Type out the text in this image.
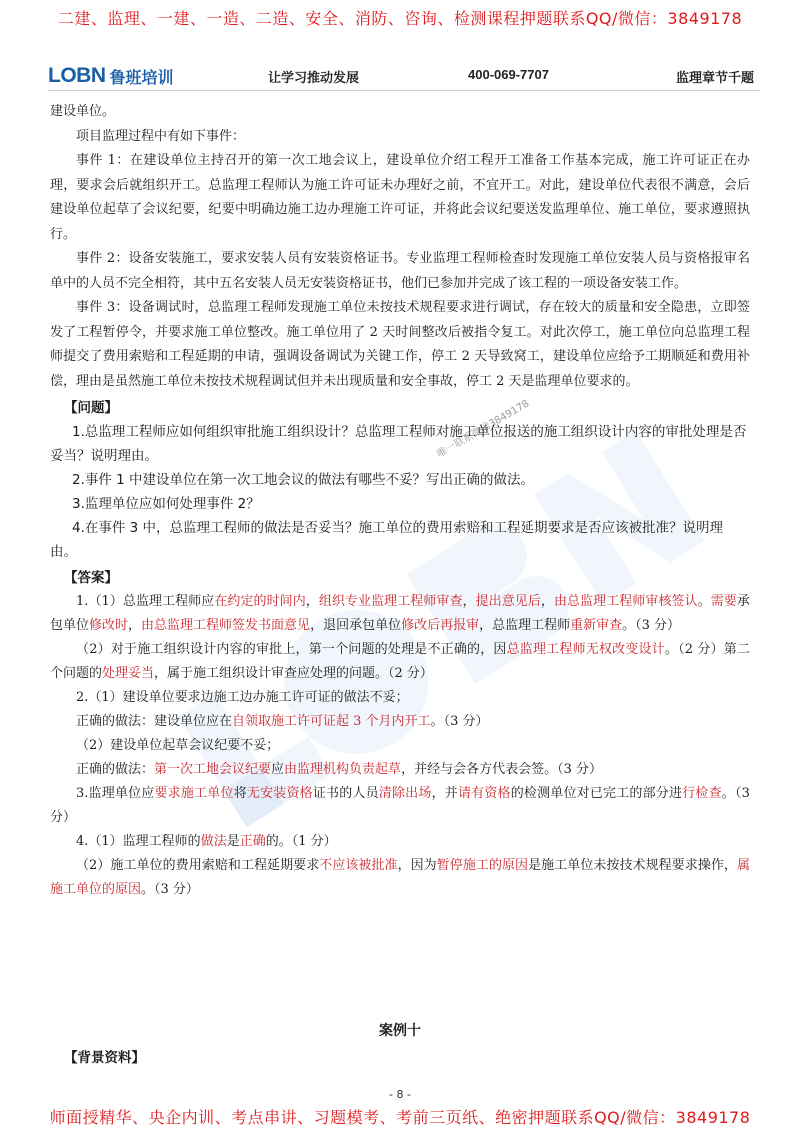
二建、监理、一建、一造、二造、安全、消防、咨询、检测课程押题联系QQ/微信：3849178
LOBN 鲁班培训	让学习推动发展	400-069-7707	监理章节千题
唯一联系微信3849178

建设单位。

项目监理过程中有如下事件：

事件 1：在建设单位主持召开的第一次工地会议上，建设单位介绍工程开工准备工作基本完成，施工许可证正在办理，要求会后就组织开工。总监理工程师认为施工许可证未办理好之前，不宜开工。对此，建设单位代表很不满意，会后建设单位起草了会议纪要，纪要中明确边施工边办理施工许可证，并将此会议纪要送发监理单位、施工单位，要求遵照执行。

事件 2：设备安装施工，要求安装人员有安装资格证书。专业监理工程师检查时发现施工单位安装人员与资格报审名单中的人员不完全相符，其中五名安装人员无安装资格证书，他们已参加并完成了该工程的一项设备安装工作。

事件 3：设备调试时，总监理工程师发现施工单位未按技术规程要求进行调试，存在较大的质量和安全隐患，立即签发了工程暂停令，并要求施工单位整改。施工单位用了 2 天时间整改后被指令复工。对此次停工，施工单位向总监理工程师提交了费用索赔和工程延期的申请，强调设备调试为关键工作，停工 2 天导致窝工，建设单位应给予工期顺延和费用补偿，理由是虽然施工单位未按技术规程调试但并未出现质量和安全事故，停工 2 天是监理单位要求的。

【问题】

1.总监理工程师应如何组织审批施工组织设计？总监理工程师对施工单位报送的施工组织设计内容的审批处理是否妥当？说明理由。

2.事件 1 中建设单位在第一次工地会议的做法有哪些不妥？写出正确的做法。

3.监理单位应如何处理事件 2？

4.在事件 3 中，总监理工程师的做法是否妥当？施工单位的费用索赔和工程延期要求是否应该被批准？说明理由。

【答案】

1.（1）总监理工程师应在约定的时间内，组织专业监理工程师审查，提出意见后，由总监理工程师审核签认。需要承包单位修改时，由总监理工程师签发书面意见，退回承包单位修改后再报审，总监理工程师重新审查。（3 分）

（2）对于施工组织设计内容的审批上，第一个问题的处理是不正确的，因总监理工程师无权改变设计。（2 分）第二个问题的处理妥当，属于施工组织设计审查应处理的问题。（2 分）

2.（1）建设单位要求边施工边办施工许可证的做法不妥；

正确的做法：建设单位应在自领取施工许可证起 3 个月内开工。（3 分）

（2）建设单位起草会议纪要不妥；

正确的做法：第一次工地会议纪要应由监理机构负责起草，并经与会各方代表会签。（3 分）

3.监理单位应要求施工单位将无安装资格证书的人员清除出场，并请有资格的检测单位对已完工的部分进行检查。（3 分）

4.（1）监理工程师的做法是正确的。（1 分）

（2）施工单位的费用索赔和工程延期要求不应该被批准，因为暂停施工的原因是施工单位未按技术规程要求操作，属施工单位的原因。（3 分）

案例十
【背景资料】
- 8 -
师面授精华、央企内训、考点串讲、习题模考、考前三页纸、绝密押题联系QQ/微信：3849178
